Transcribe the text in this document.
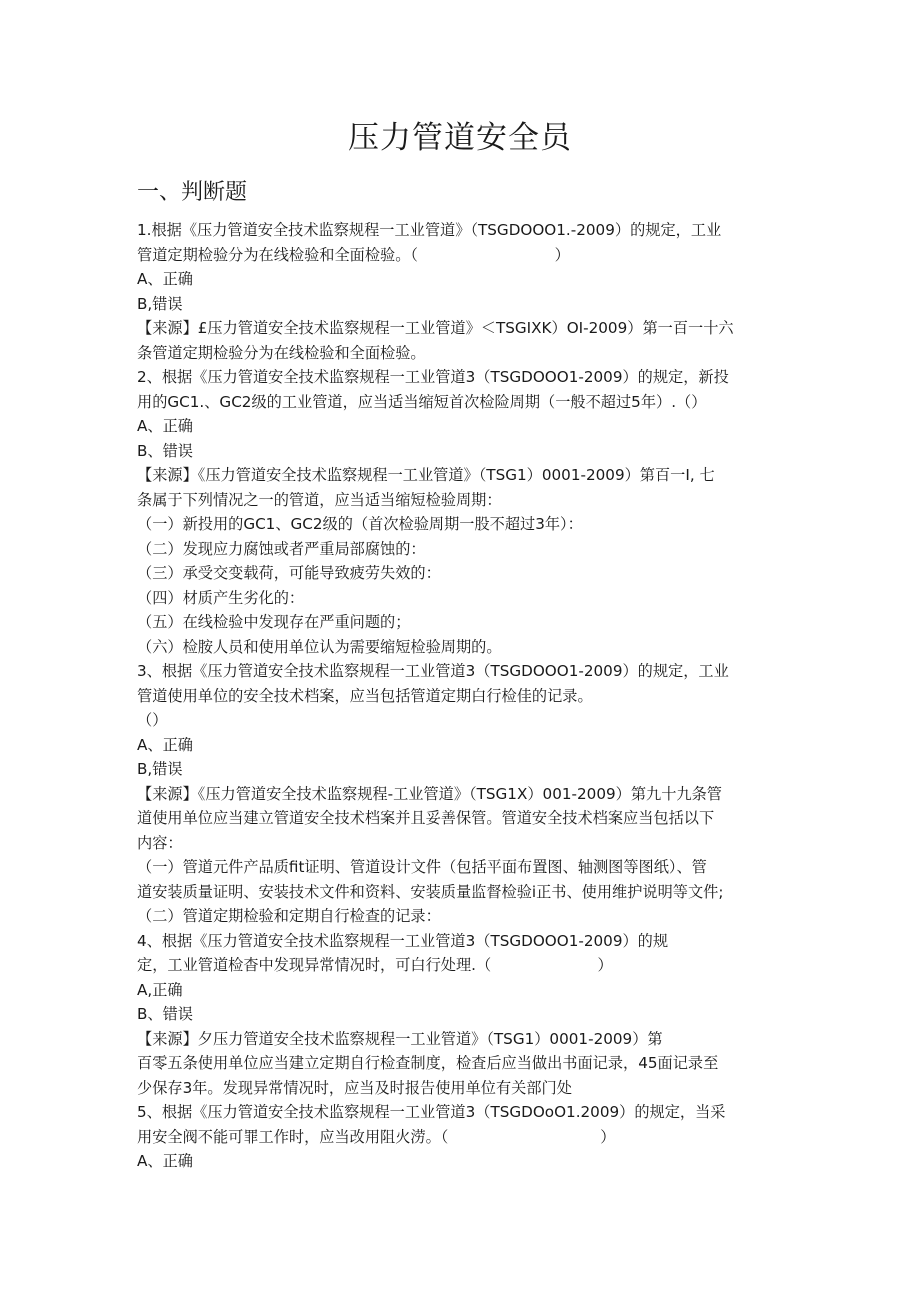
压力管道安全员
一、判断题
1.根据《压力管道安全技术监察规程一工业管道》（TSGDOOO1.-2009）的规定，工业
管道定期检验分为在线检验和全面检验。（　　　　　　　　　）
A、正确
B,错误
【来源】£压力管道安全技术监察规程一工业管道》＜TSGIXK）OI-2009）第一百一十六
条管道定期检验分为在线检验和全面检验。
2、根据《压力管道安全技术监察规程一工业管道3（TSGDOOO1-2009）的规定，新投
用的GC1.、GC2级的工业管道，应当适当缩短首次检险周期（一般不超过5年）.（）
A、正确
B、错误
【来源】《压力管道安全技术监察规程一工业管道》（TSG1）0001-2009）第百一I, 七
条属于下列情况之一的管道，应当适当缩短检验周期：
（一）新投用的GC1、GC2级的（首次检验周期一股不超过3年）：
（二）发现应力腐蚀或者严重局部腐蚀的：
（三）承受交变载荷，可能导致疲劳失效的：
（四）材质产生劣化的：
（五）在线检验中发现存在严重问题的；
（六）检胺人员和使用单位认为需要缩短检验周期的。
3、根据《压力管道安全技术监察规程一工业管道3（TSGDOOO1-2009）的规定，工业
管道使用单位的安全技术档案，应当包括管道定期白行检佳的记录。
（）
A、正确
B,错误
【来源】《压力管道安全技术监察规程-工业管道》（TSG1X）001-2009）第九十九条管
道使用单位应当建立管道安全技术档案并且妥善保管。管道安全技术档案应当包括以下
内容：
（一）管道元件产品质fit证明、管道设计文件（包括平面布置图、轴测图等图纸）、管
道安装质量证明、安装技术文件和资料、安装质量监督检验i正书、使用维护说明等文件;
（二）管道定期检验和定期自行检查的记录：
4、根据《压力管道安全技术监察规程一工业管道3（TSGDOOO1-2009）的规
定，工业管道检杳中发现异常情况时，可白行处理.（　　　　　　　）
A,正确
B、错误
【来源】夕压力管道安全技术监察规程一工业管道》（TSG1）0001-2009）第
百零五条使用单位应当建立定期自行检查制度，检査后应当做出书面记录，45面记录至
少保存3年。发现异常情况时，应当及时报告使用单位有关部门处
5、根据《压力管道安全技术监察规程一工业管道3（TSGDOoO1.2009）的规定，当采
用安全阀不能可罪工作时，应当改用阻火涝。（　　　　　　　　　　）
A、正确
